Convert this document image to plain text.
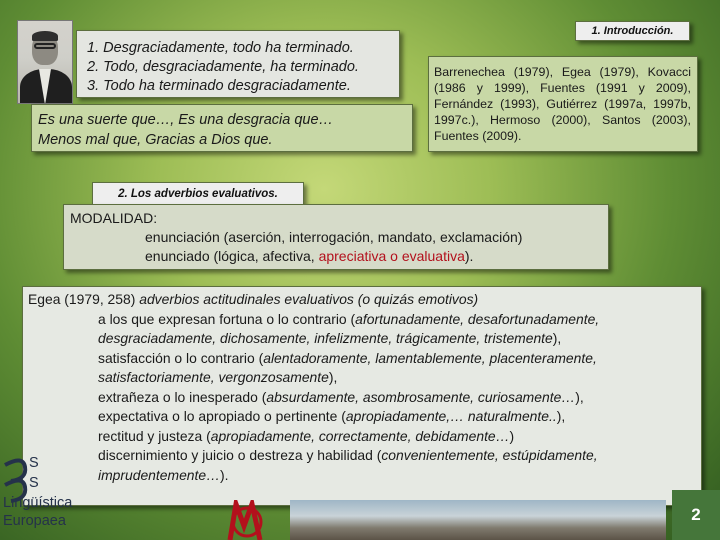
1. Desgraciadamente, todo ha terminado.
2. Todo, desgraciadamente, ha terminado.
3. Todo ha terminado desgraciadamente.
Es una suerte que…, Es una desgracia que…
Menos mal que, Gracias a Dios que.
1. Introducción.
Barrenechea (1979), Egea (1979), Kovacci (1986 y 1999), Fuentes (1991 y 2009), Fernández (1993), Gutiérrez (1997a, 1997b, 1997c.), Hermoso (2000), Santos (2003), Fuentes (2009).
2. Los adverbios evaluativos.
MODALIDAD:
enunciación (aserción, interrogación, mandato, exclamación)
enunciado (lógica, afectiva, apreciativa o evaluativa).
Egea (1979, 258) adverbios actitudinales evaluativos (o quizás emotivos)
a los que expresan fortuna o lo contrario (afortunadamente, desafortunadamente, desgraciadamente, dichosamente, infelizmente, trágicamente, tristemente),
satisfacción o lo contrario (alentadoramente, lamentablemente, placenteramente, satisfactoriamente, vergonzosamente),
extrañeza o lo inesperado (absurdamente, asombrosamente, curiosamente…),
expectativa o lo apropiado o pertinente (apropiadamente,… naturalmente..),
rectitud y justeza (apropiadamente, correctamente, debidamente…)
discernimiento y juicio o destreza y habilidad (convenientemente, estúpidamente, imprudentemente…).
S
S
Lingüística
Europaea	2
